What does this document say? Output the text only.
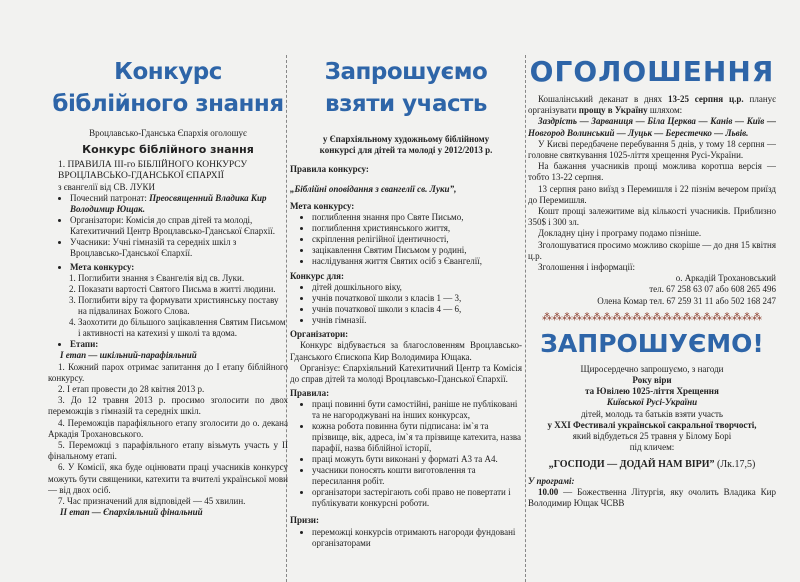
Конкурс біблійного знання

Вроцлавсько-Гданська Єпархія оголошує

Конкурс біблійного знання

1. ПРАВИЛА ІІІ-го БІБЛІЙНОГО КОНКУРСУ ВРОЦЛАВСЬКО-ГДАНСЬКОЇ ЄПАРХІЇ

з євангелії від СВ. ЛУКИ

• Почесний патронат: Преосвященний Владика Кир Володимир Ющак.
• Організатори: Комісія до справ дітей та молоді, Катехитичний Центр Вроцлавсько-Гданської Єпархії.
• Учасники: Учні гімназій та середніх шкіл з Вроцлавсько-Гданської Єпархії.
• Мета конкурсу:
1. Поглибити знання з Євангелія від св. Луки.
2. Показати вартості Святого Письма в житті людини.
3. Поглибити віру та формувати християнську поставу на підвалинах Божого Слова.
4. Заохотити до більшого зацікавлення Святим Письмом і активності на катехизі у школі та вдома.
• Етапи:

І етап — шкільний-парафіяльний

1. Кожний парох отримає запитання до І етапу біблійного конкурсу.

2. І етап провести до 28 квітня 2013 р.

3. До 12 травня 2013 р. просимо зголосити по двох переможців з гімназій та середніх шкіл.

4. Переможців парафіяльного етапу зголосити до о. декана Аркадія Трохановського.

5. Переможці з парафіяльного етапу візьмуть участь у ІІ фінальному етапі.

6. У Комісії, яка буде оцінювати праці учасників конкурсу можуть бути священики, катехити та вчителі української мови — від двох осіб.

7. Час призначений для відповідей — 45 хвилин.

ІІ етап — Єпархіяльний фінальний

Запрошуємо взяти участь

у Єпархіяльному художньому біблійному конкурсі для дітей та молоді у 2012/2013 р.

Правила конкурсу:

„Біблійні оповідання з євангелії св. Луки”,

Мета конкурсу:

• поглиблення знання про Святе Письмо,
• поглиблення християнського життя,
• скріплення релігійної ідентичності,
• зацікавлення Святим Письмом у родині,
• наслідування життя Святих осіб з Євангелії,

Конкурс для:

• дітей дошкільного віку,
• учнів початкової школи з класів 1 — 3,
• учнів початкової школи з класів 4 — 6,
• учнів гімназії.

Організатори:

Конкурс відбувається за благословенням Вроцлавсько-Гданського Єпископа Кир Володимира Ющака.

Організує: Єпархіяльний Катехитичний Центр та Комісія до справ дітей та молоді Вроцлавсько-Гданської Єпархії.

Правила:

• праці повинні бути самостійні, раніше не публіковані та не нагороджувані на інших конкурсах,
• кожна робота повинна бути підписана: ім`я та прізвище, вік, адреса, ім`я та прізвище катехита, назва парафії, назва біблійної історії,
• праці можуть бути виконані у форматі А3 та А4.
• учасники поносять кошти виготовлення та пересилання робіт.
• організатори застерігають собі право не повертати і публікувати конкурсні роботи.

Призи:

• переможці конкурсів отримають нагороди фундовані організаторами
ОГОЛОШЕННЯ

Кошалінський деканат в днях 13-25 серпня ц.р. планує організувати прощу в Україну шляхом:

Заздрість — Зарваниця — Біла Церква — Канів — Київ — Новгород Волинський — Луцьк — Берестечко — Львів.

У Києві передбачене перебування 5 днів, у тому 18 серпня — головне святкування 1025-ліття хрещення Русі-України.

На бажання учасників прощі можлива коротша версія — тобто 13-22 серпня.

13 серпня рано виїзд з Перемишля і 22 пізнім вечером приїзд до Перемишля.

Кошт прощі залежитиме від кількості учасників. Приблизно 350$ і 300 зл.

Докладну ціну і програму подамо пізніше.

Зголошуватися просимо можливо скоріше — до дня 15 квітня ц.р.

Зголошення і інформації:

о. Аркадій Трохановський

тел. 67 258 63 07 або 608 265 496

Олена Комар тел. 67 259 31 11 або 502 168 247

⁂⁂⁂⁂⁂⁂⁂⁂⁂⁂⁂⁂⁂⁂⁂⁂⁂⁂⁂⁂⁂⁂
ЗАПРОШУЄМО!

Щиросердечно запрошуємо, з нагоди

Року віри

та Ювілею 1025-ліття Хрещення

Київської Русі-України

дітей, молодь та батьків взяти участь

у XXI Фестивалі української сакральної творчості,

який відбудеться 25 травня у Білому Борі

під кличем:

„ГОСПОДИ — ДОДАЙ НАМ ВІРИ” (Лк.17,5)

У програмі:

10.00 — Божественна Літургія, яку очолить Владика Кир Володимир Ющак ЧСВВ
